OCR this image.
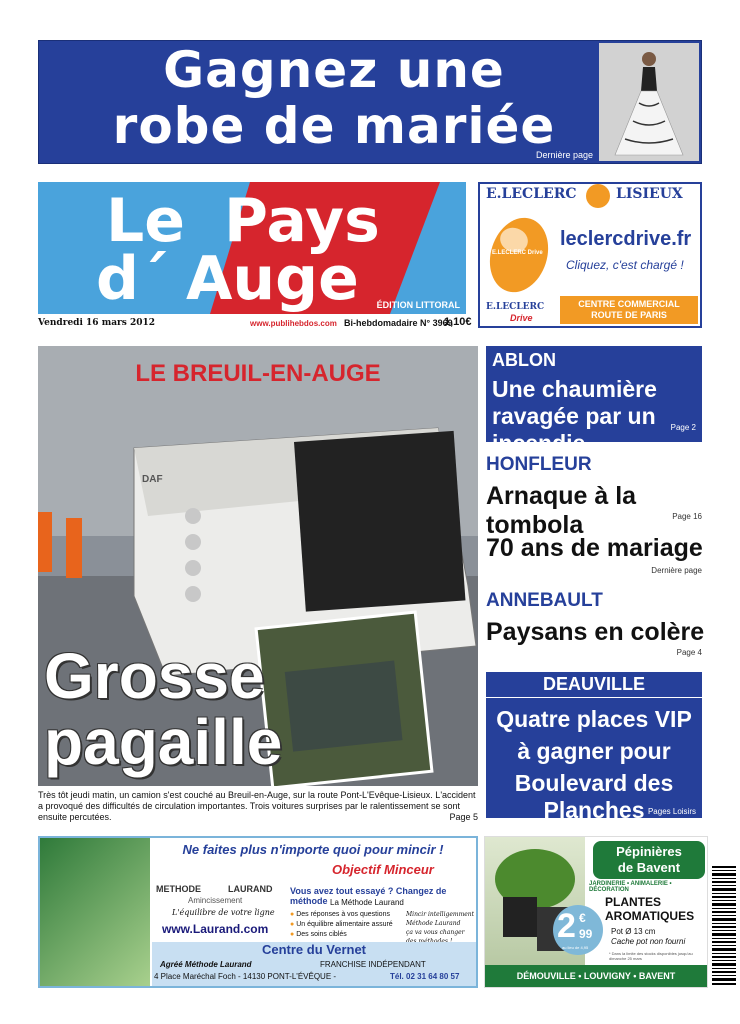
Gagnez une
robe de mariée
Dernière page
Le Pays
d´ Auge ÉDITION LITTORAL
Vendredi 16 mars 2012	www.publihebdos.com Bi-hebdomadaire N° 3969
1,10€
E.LECLERC	LISIEUX
E.LECLERC Drive
leclercdrive.fr
Cliquez, c'est chargé !
E.LECLERC
Drive
CENTRE COMMERCIAL
ROUTE DE PARIS
LE BREUIL-EN-AUGE
DAF
Grosse
pagaille
Très tôt jeudi matin, un camion s'est couché au Breuil-en-Auge, sur la route Pont-L'Evêque-Lisieux. L'accident a provoqué des difficultés de circulation importantes. Trois voitures surprises par le ralentissement se sont ensuite percutées.	Page 5
ABLON
Une chaumière ravagée par un incendie
Page 2
HONFLEUR
Arnaque à la tombola	Page 16
70 ans de mariage
Dernière page
ANNEBAULT
Paysans en colère
Page 4
DEAUVILLE
Quatre places VIP
à gagner pour
Boulevard des Planches Pages Loisirs
Ne faites plus n'importe quoi pour mincir !
Objectif Minceur
METHODE	LAURAND
Amincissement
L'équilibre de votre ligne
www.Laurand.com
Vous avez tout essayé ? Changez de méthode La Méthode Laurand
● Des réponses à vos questions
● Un équilibre alimentaire assuré
● Des soins ciblés
Mincir intelligemment
Méthode Laurand
ça va vous changer
Centre du Vernet
Agréé Méthode Laurand	FRANCHISE INDÉPENDANT
4 Place Maréchal Foch - 14130 PONT-L'ÉVÊQUE -	Tél. 02 31 64 80 57
Pépinières
de Bavent
JARDINERIE • ANIMALERIE • DÉCORATION
PLANTES
AROMATIQUES
2 €
99
au lieu de 4,95
Pot Ø 13 cm
Cache pot non fourni
* Dans la limite des stocks disponibles jusqu'au dimanche 25 mars
DÉMOUVILLE • LOUVIGNY • BAVENT
